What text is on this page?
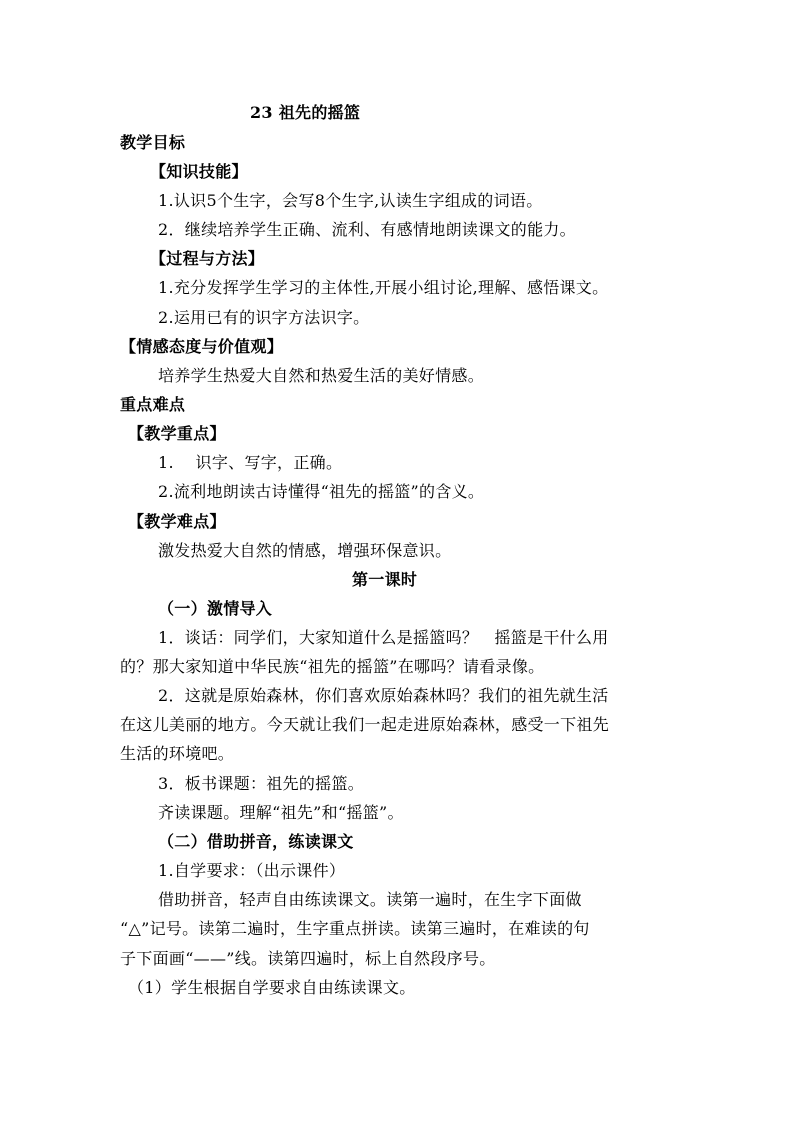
23 祖先的摇篮
教学目标
【知识技能】
1.认识5个生字，会写8个生字,认读生字组成的词语。
2．继续培养学生正确、流利、有感情地朗读课文的能力。
【过程与方法】
1.充分发挥学生学习的主体性,开展小组讨论,理解、感悟课文。
2.运用已有的识字方法识字。
【情感态度与价值观】
培养学生热爱大自然和热爱生活的美好情感。
重点难点
【教学重点】
1.　 识字、写字，正确。
2.流利地朗读古诗懂得“祖先的摇篮”的含义。
【教学难点】
激发热爱大自然的情感，增强环保意识。
第一课时
（一）激情导入
1．谈话：同学们，大家知道什么是摇篮吗？　摇篮是干什么用
的？那大家知道中华民族“祖先的摇篮”在哪吗？请看录像。
2．这就是原始森林，你们喜欢原始森林吗？我们的祖先就生活
在这儿美丽的地方。今天就让我们一起走进原始森林，感受一下祖先
生活的环境吧。
3．板书课题：祖先的摇篮。
齐读课题。理解“祖先”和“摇篮”。
（二）借助拼音，练读课文
1.自学要求：（出示课件）
借助拼音，轻声自由练读课文。读第一遍时，在生字下面做
“△”记号。读第二遍时，生字重点拼读。读第三遍时，在难读的句
子下面画“——”线。读第四遍时，标上自然段序号。
（1）学生根据自学要求自由练读课文。
